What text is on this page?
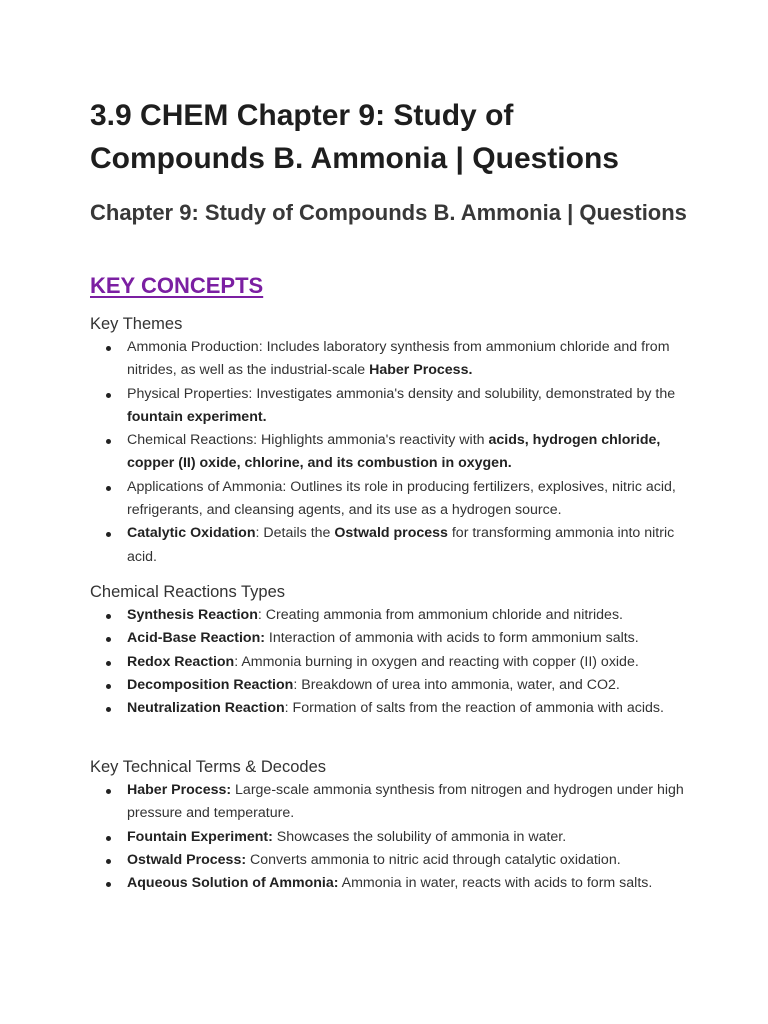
3.9 CHEM Chapter 9: Study of Compounds B. Ammonia | Questions
Chapter 9: Study of Compounds B. Ammonia | Questions
KEY CONCEPTS
Key Themes
Ammonia Production: Includes laboratory synthesis from ammonium chloride and from nitrides, as well as the industrial-scale Haber Process.
Physical Properties: Investigates ammonia's density and solubility, demonstrated by the fountain experiment.
Chemical Reactions: Highlights ammonia's reactivity with acids, hydrogen chloride, copper (II) oxide, chlorine, and its combustion in oxygen.
Applications of Ammonia: Outlines its role in producing fertilizers, explosives, nitric acid, refrigerants, and cleansing agents, and its use as a hydrogen source.
Catalytic Oxidation: Details the Ostwald process for transforming ammonia into nitric acid.
Chemical Reactions Types
Synthesis Reaction: Creating ammonia from ammonium chloride and nitrides.
Acid-Base Reaction: Interaction of ammonia with acids to form ammonium salts.
Redox Reaction: Ammonia burning in oxygen and reacting with copper (II) oxide.
Decomposition Reaction: Breakdown of urea into ammonia, water, and CO2.
Neutralization Reaction: Formation of salts from the reaction of ammonia with acids.
Key Technical Terms & Decodes
Haber Process: Large-scale ammonia synthesis from nitrogen and hydrogen under high pressure and temperature.
Fountain Experiment: Showcases the solubility of ammonia in water.
Ostwald Process: Converts ammonia to nitric acid through catalytic oxidation.
Aqueous Solution of Ammonia: Ammonia in water, reacts with acids to form salts.
